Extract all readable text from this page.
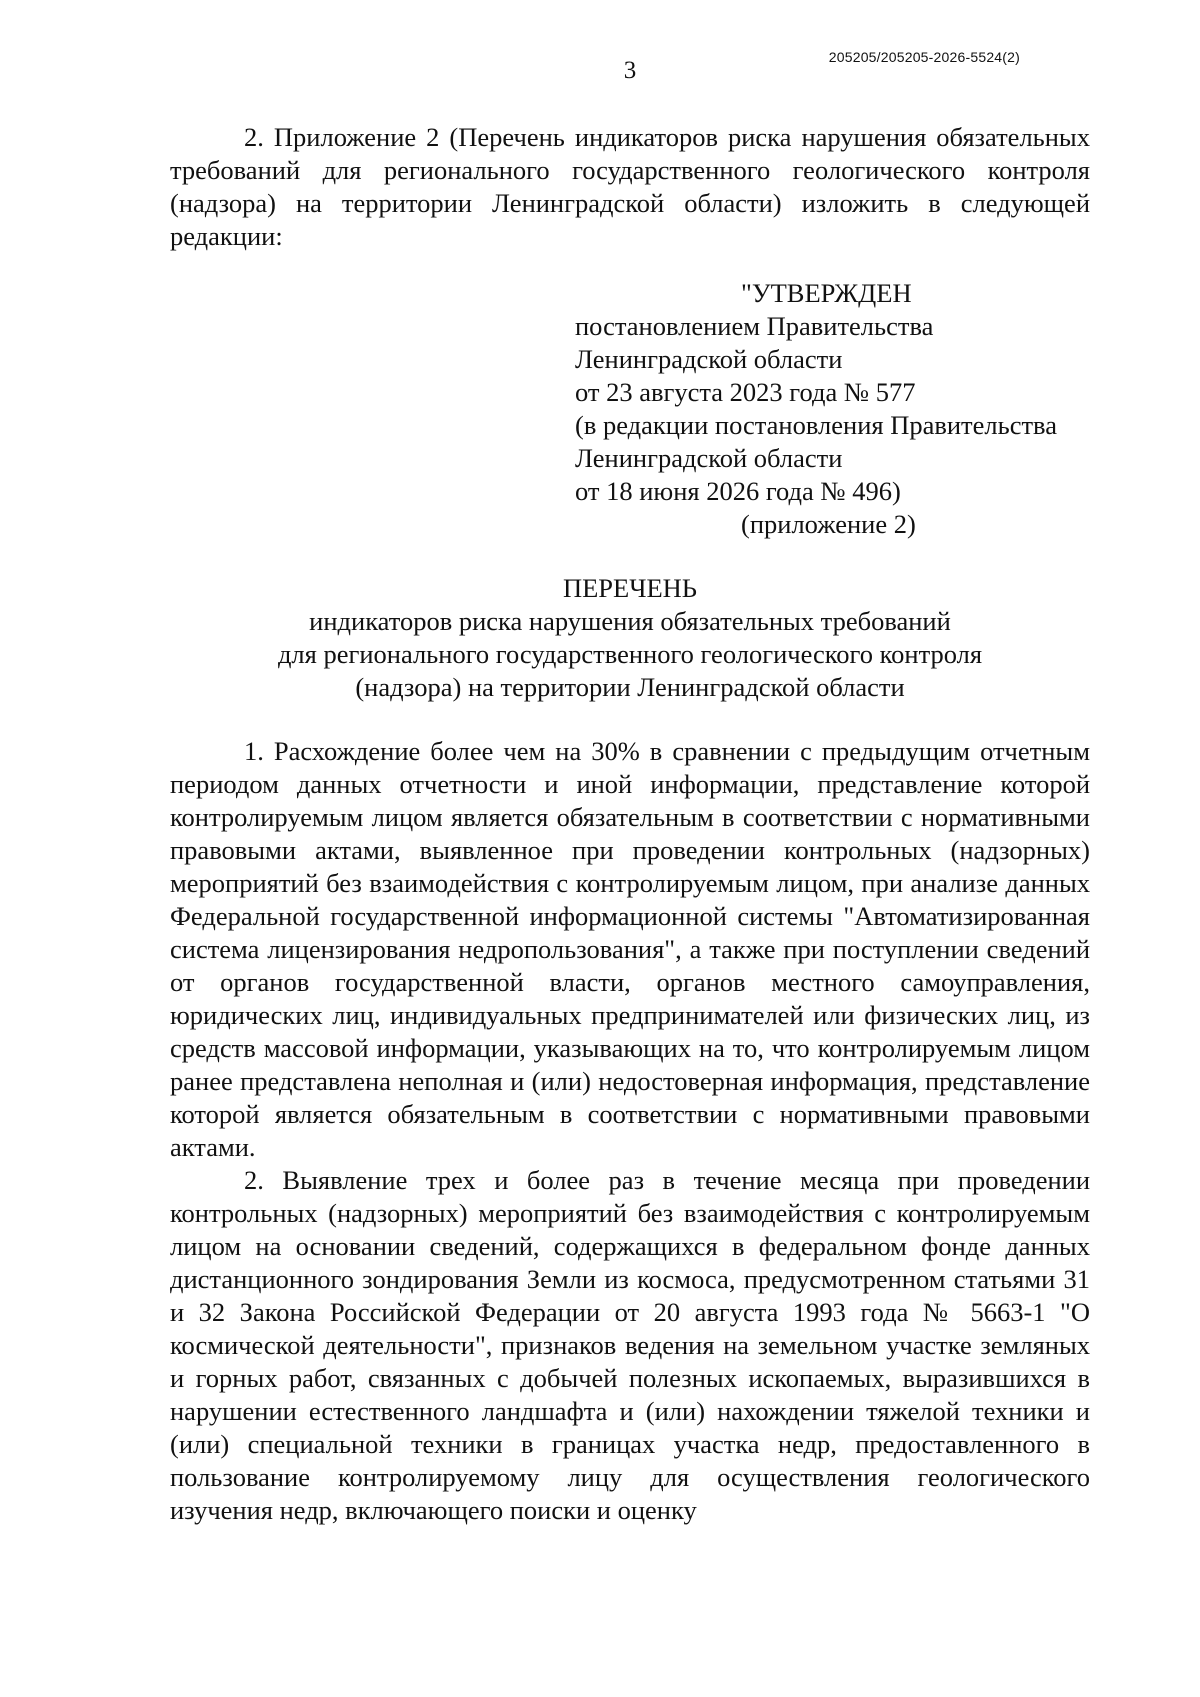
3	205205/205205-2026-5524(2)

2. Приложение 2 (Перечень индикаторов риска нарушения обязательных требований для регионального государственного геологического контроля (надзора) на территории Ленинградской области) изложить в следующей редакции:

"УТВЕРЖДЕН
постановлением Правительства
Ленинградской области
от 23 августа 2023 года № 577
(в редакции постановления Правительства
Ленинградской области
от 18 июня 2026 года № 496)
(приложение 2)
ПЕРЕЧЕНЬ
индикаторов риска нарушения обязательных требований
для регионального государственного геологического контроля
(надзора) на территории Ленинградской области

1. Расхождение более чем на 30% в сравнении с предыдущим отчетным периодом данных отчетности и иной информации, представление которой контролируемым лицом является обязательным в соответствии с нормативными правовыми актами, выявленное при проведении контрольных (надзорных) мероприятий без взаимодействия с контролируемым лицом, при анализе данных Федеральной государственной информационной системы "Автоматизированная система лицензирования недропользования", а также при поступлении сведений от органов государственной власти, органов местного самоуправления, юридических лиц, индивидуальных предпринимателей или физических лиц, из средств массовой информации, указывающих на то, что контролируемым лицом ранее представлена неполная и (или) недостоверная информация, представление которой является обязательным в соответствии с нормативными правовыми актами.

2. Выявление трех и более раз в течение месяца при проведении контрольных (надзорных) мероприятий без взаимодействия с контролируемым лицом на основании сведений, содержащихся в федеральном фонде данных дистанционного зондирования Земли из космоса, предусмотренном статьями 31 и 32 Закона Российской Федерации от 20 августа 1993 года № 5663-1 "О космической деятельности", признаков ведения на земельном участке земляных и горных работ, связанных с добычей полезных ископаемых, выразившихся в нарушении естественного ландшафта и (или) нахождении тяжелой техники и (или) специальной техники в границах участка недр, предоставленного в пользование контролируемому лицу для осуществления геологического изучения недр, включающего поиски и оценку
